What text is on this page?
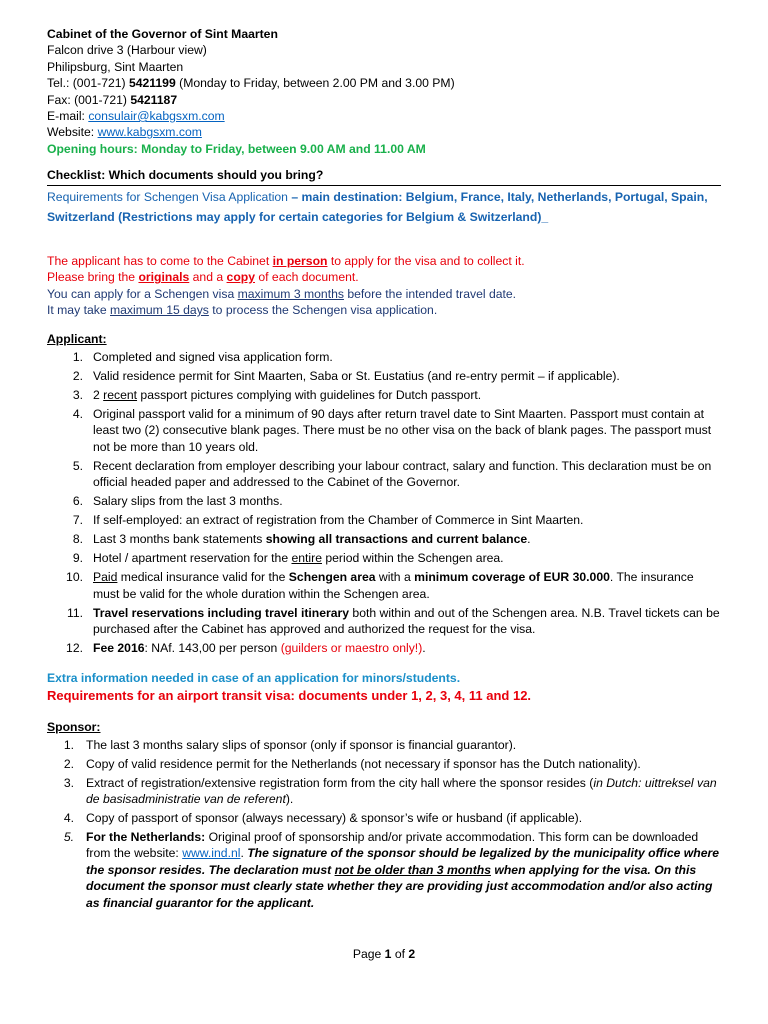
Cabinet of the Governor of Sint Maarten

Falcon drive 3 (Harbour view)

Philipsburg, Sint Maarten

Tel.: (001-721) 5421199 (Monday to Friday, between 2.00 PM and 3.00 PM)

Fax: (001-721) 5421187

E-mail: consulair@kabgsxm.com

Website: www.kabgsxm.com

Opening hours: Monday to Friday, between 9.00 AM and 11.00 AM

Checklist: Which documents should you bring?

Requirements for Schengen Visa Application – main destination: Belgium, France, Italy, Netherlands, Portugal, Spain, Switzerland (Restrictions may apply for certain categories for Belgium & Switzerland)_

The applicant has to come to the Cabinet in person to apply for the visa and to collect it.

Please bring the originals and a copy of each document.

You can apply for a Schengen visa maximum 3 months before the intended travel date.

It may take maximum 15 days to process the Schengen visa application.

Applicant:

1. Completed and signed visa application form.
2. Valid residence permit for Sint Maarten, Saba or St. Eustatius (and re-entry permit – if applicable).
3. 2 recent passport pictures complying with guidelines for Dutch passport.
4. Original passport valid for a minimum of 90 days after return travel date to Sint Maarten. Passport must contain at least two (2) consecutive blank pages. There must be no other visa on the back of blank pages. The passport must not be more than 10 years old.
5. Recent declaration from employer describing your labour contract, salary and function. This declaration must be on official headed paper and addressed to the Cabinet of the Governor.
6. Salary slips from the last 3 months.
7. If self-employed: an extract of registration from the Chamber of Commerce in Sint Maarten.
8. Last 3 months bank statements showing all transactions and current balance.
9. Hotel / apartment reservation for the entire period within the Schengen area.
10. Paid medical insurance valid for the Schengen area with a minimum coverage of EUR 30.000. The insurance must be valid for the whole duration within the Schengen area.
11. Travel reservations including travel itinerary both within and out of the Schengen area. N.B. Travel tickets can be purchased after the Cabinet has approved and authorized the request for the visa.
12. Fee 2016: NAf. 143,00 per person (guilders or maestro only!).

Extra information needed in case of an application for minors/students.

Requirements for an airport transit visa: documents under 1, 2, 3, 4, 11 and 12.

Sponsor:

1. The last 3 months salary slips of sponsor (only if sponsor is financial guarantor).
2. Copy of valid residence permit for the Netherlands (not necessary if sponsor has the Dutch nationality).
3. Extract of registration/extensive registration form from the city hall where the sponsor resides (in Dutch: uittreksel van de basisadministratie van de referent).
4. Copy of passport of sponsor (always necessary) & sponsor’s wife or husband (if applicable).
5. For the Netherlands: Original proof of sponsorship and/or private accommodation. This form can be downloaded from the website: www.ind.nl. The signature of the sponsor should be legalized by the municipality office where the sponsor resides. The declaration must not be older than 3 months when applying for the visa. On this document the sponsor must clearly state whether they are providing just accommodation and/or also acting as financial guarantor for the applicant.
Page 1 of 2
